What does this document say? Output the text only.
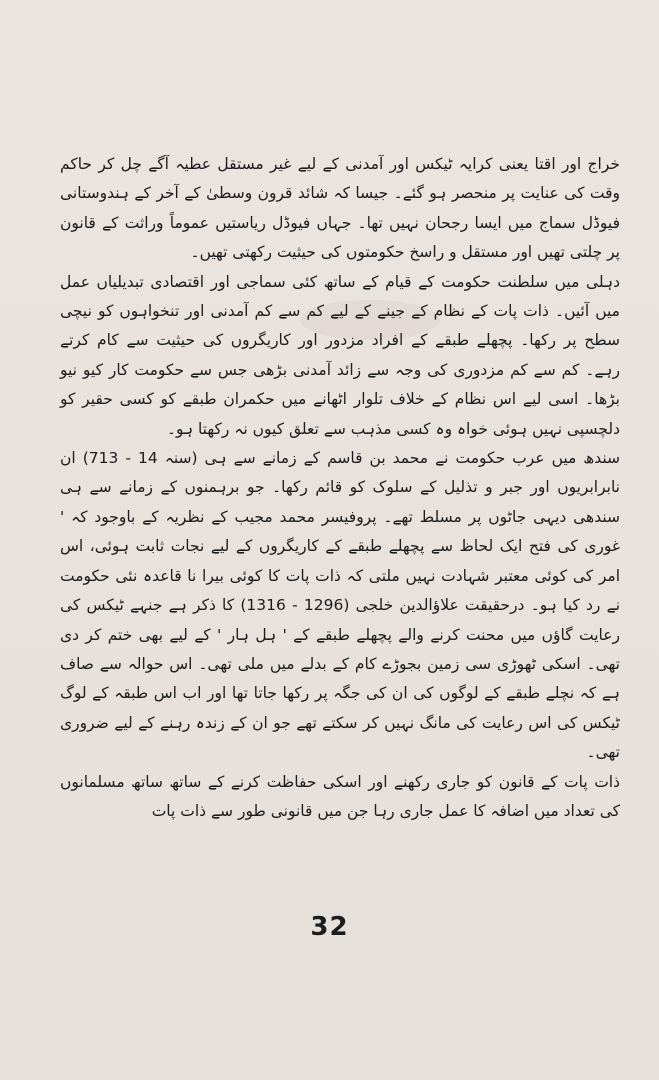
خراج اور اقتا یعنی کرایہ ٹیکس اور آمدنی کے لیے غیر مستقل عطیہ آگے چل کر حاکم وقت کی عنایت پر منحصر ہو گئے۔ جیسا کہ شائد قرون وسطیٰ کے آخر کے ہندوستانی فیوڈل سماج میں ایسا رجحان نہیں تھا۔ جہاں فیوڈل ریاستیں عموماً وراثت کے قانون پر چلتی تھیں اور مستقل و راسخ حکومتوں کی حیثیت رکھتی تھیں۔

دہلی میں سلطنت حکومت کے قیام کے ساتھ کئی سماجی اور اقتصادی تبدیلیاں عمل میں آئیں۔ ذات پات کے نظام کے جینے کے لیے کم سے کم آمدنی اور تنخواہوں کو نیچی سطح پر رکھا۔ پچھلے طبقے کے افراد مزدور اور کاریگروں کی حیثیت سے کام کرتے رہے۔ کم سے کم مزدوری کی وجہ سے زائد آمدنی بڑھی جس سے حکومت کار کیو نیو بڑھا۔ اسی لیے اس نظام کے خلاف تلوار اٹھانے میں حکمران طبقے کو کسی حقیر کو دلچسپی نہیں ہوئی خواہ وہ کسی مذہب سے تعلق کیوں نہ رکھتا ہو۔

سندھ میں عرب حکومت نے محمد بن قاسم کے زمانے سے ہی (سنہ 14 - 713) ان نابرابریوں اور جبر و تذلیل کے سلوک کو قائم رکھا۔ جو برہمنوں کے زمانے سے ہی سندھی دیہی جاٹوں پر مسلط تھے۔ پروفیسر محمد مجیب کے نظریہ کے باوجود کہ ' غوری کی فتح ایک لحاظ سے پچھلے طبقے کے کاریگروں کے لیے نجات ثابت ہوئی، اس امر کی کوئی معتبر شہادت نہیں ملتی کہ ذات پات کا کوئی بیرا نا قاعدہ نئی حکومت نے رد کیا ہو۔ درحقیقت علاؤالدین خلجی (1296 - 1316) کا ذکر ہے جنہے ٹیکس کی رعایت گاؤں میں محنت کرنے والے پچھلے طبقے کے ' ہل ہار ' کے لیے بھی ختم کر دی تھی۔ اسکی ٹھوڑی سی زمین بجوڑے کام کے بدلے میں ملی تھی۔ اس حوالہ سے صاف ہے کہ نچلے طبقے کے لوگوں کی ان کی جگہ پر رکھا جاتا تھا اور اب اس طبقہ کے لوگ ٹیکس کی اس رعایت کی مانگ نہیں کر سکتے تھے جو ان کے زندہ رہنے کے لیے ضروری تھی۔

ذات پات کے قانون کو جاری رکھنے اور اسکی حفاظت کرنے کے ساتھ ساتھ مسلمانوں کی تعداد میں اضافہ کا عمل جاری رہا جن میں قانونی طور سے ذات پات

32
